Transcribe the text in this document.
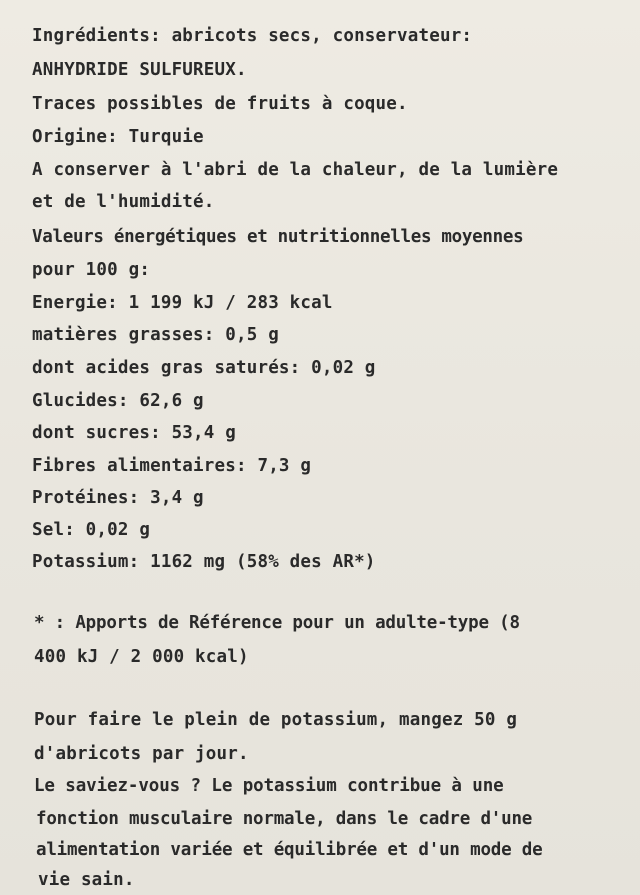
Ingrédients: abricots secs, conservateur:
ANHYDRIDE SULFUREUX.
Traces possibles de fruits à coque.
Origine: Turquie
A conserver à l'abri de la chaleur, de la lumière
et de l'humidité.
Valeurs énergétiques et nutritionnelles moyennes
pour 100 g:
Energie: 1 199 kJ / 283 kcal
matières grasses: 0,5 g
dont acides gras saturés: 0,02 g
Glucides: 62,6 g
dont sucres: 53,4 g
Fibres alimentaires: 7,3 g
Protéines: 3,4 g
Sel: 0,02 g
Potassium: 1162 mg (58% des AR*)
* : Apports de Référence pour un adulte-type (8
400 kJ / 2 000 kcal)
Pour faire le plein de potassium, mangez 50 g
d'abricots par jour.
Le saviez-vous ? Le potassium contribue à une
fonction musculaire normale, dans le cadre d'une
alimentation variée et équilibrée et d'un mode de
vie sain.
